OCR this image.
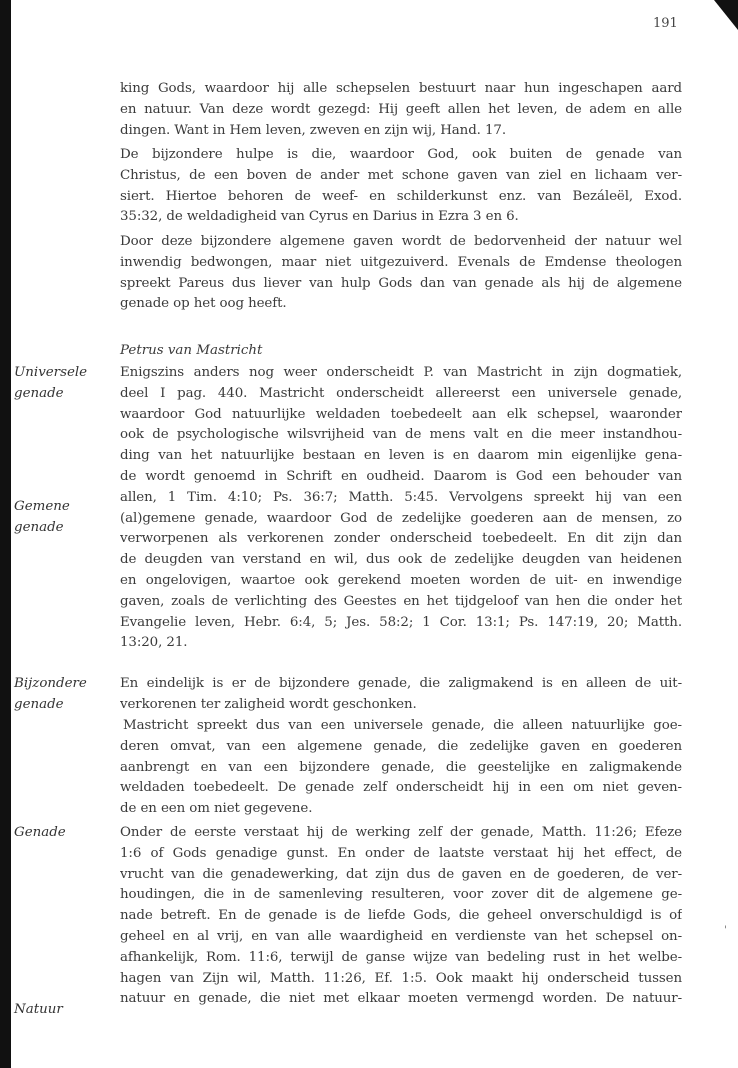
191
king Gods, waardoor hij alle schepselen bestuurt naar hun ingeschapen aard
en natuur. Van deze wordt gezegd: Hij geeft allen het leven, de adem en alle
dingen. Want in Hem leven, zweven en zijn wij, Hand. 17.
De bijzondere hulpe is die, waardoor God, ook buiten de genade van
Christus, de een boven de ander met schone gaven van ziel en lichaam ver-
siert. Hiertoe behoren de weef- en schilderkunst enz. van Bezáleël, Exod.
35:32, de weldadigheid van Cyrus en Darius in Ezra 3 en 6.
Door deze bijzondere algemene gaven wordt de bedorvenheid der natuur wel
inwendig bedwongen, maar niet uitgezuiverd. Evenals de Emdense theologen
spreekt Pareus dus liever van hulp Gods dan van genade als hij de algemene
genade op het oog heeft.
Petrus van Mastricht
Enigszins anders nog weer onderscheidt P. van Mastricht in zijn dogmatiek,
deel I pag. 440. Mastricht onderscheidt allereerst een universele genade,
waardoor God natuurlijke weldaden toebedeelt aan elk schepsel, waaronder
ook de psychologische wilsvrijheid van de mens valt en die meer instandhou-
ding van het natuurlijke bestaan en leven is en daarom min eigenlijke gena-
de wordt genoemd in Schrift en oudheid. Daarom is God een behouder van
allen, 1 Tim. 4:10; Ps. 36:7; Matth. 5:45. Vervolgens spreekt hij van een
(al)gemene genade, waardoor God de zedelijke goederen aan de mensen, zo
verworpenen als verkorenen zonder onderscheid toebedeelt. En dit zijn dan
de deugden van verstand en wil, dus ook de zedelijke deugden van heidenen
en ongelovigen, waartoe ook gerekend moeten worden de uit- en inwendige
gaven, zoals de verlichting des Geestes en het tijdgeloof van hen die onder het
Evangelie leven, Hebr. 6:4, 5; Jes. 58:2; 1 Cor. 13:1; Ps. 147:19, 20; Matth.
13:20, 21.
En eindelijk is er de bijzondere genade, die zaligmakend is en alleen de uit-
verkorenen ter zaligheid wordt geschonken.
Mastricht spreekt dus van een universele genade, die alleen natuurlijke goe-
deren omvat, van een algemene genade, die zedelijke gaven en goederen
aanbrengt en van een bijzondere genade, die geestelijke en zaligmakende
weldaden toebedeelt. De genade zelf onderscheidt hij in een om niet geven-
de en een om niet gegevene.
Onder de eerste verstaat hij de werking zelf der genade, Matth. 11:26; Efeze
1:6 of Gods genadige gunst. En onder de laatste verstaat hij het effect, de
vrucht van die genadewerking, dat zijn dus de gaven en de goederen, de ver-
houdingen, die in de samenleving resulteren, voor zover dit de algemene ge-
nade betreft. En de genade is de liefde Gods, die geheel onverschuldigd is of
geheel en al vrij, en van alle waardigheid en verdienste van het schepsel on-
afhankelijk, Rom. 11:6, terwijl de ganse wijze van bedeling rust in het welbe-
hagen van Zijn wil, Matth. 11:26, Ef. 1:5. Ook maakt hij onderscheid tussen
natuur en genade, die niet met elkaar moeten vermengd worden. De natuur-
Universele
genade
Gemene
genade
Bijzondere
genade
Genade
Natuur
'
